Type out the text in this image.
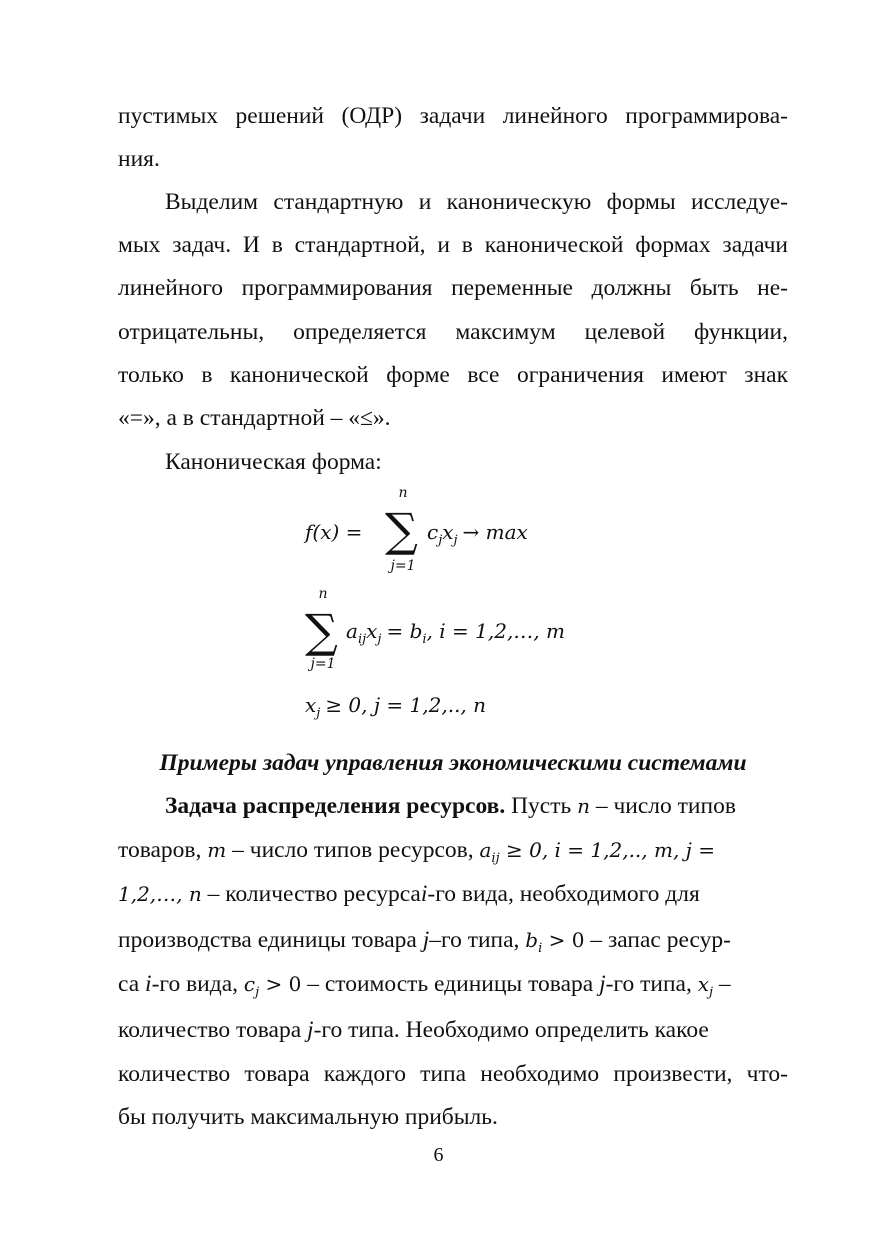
пустимых решений (ОДР) задачи линейного программирова-
ния.
Выделим стандартную и каноническую формы исследуе-
мых задач. И в стандартной, и в канонической формах задачи
линейного программирования переменные должны быть не-
отрицательны, определяется максимум целевой функции,
только в канонической форме все ограничения имеют знак
«=», а в стандартной – «≤».
Каноническая форма:
f(x) =
n
∑
j=1
$c_jx_j \to \max$
n
∑
j=1
$a_{ij}x_j = b_i$, i = 1,2,…, m
$x_j \ge 0$, j = 1,2,.., n
Примеры задач управления экономическими системами
Задача распределения ресурсов. Пусть n – число типов
товаров, m – число типов ресурсов, $a_{ij} \ge 0$, i = 1,2,.., m, j =
1,2,…, n – количество ресурсаi-го вида, необходимого для
производства единицы товара j–го типа, $b_i > 0$ – запас ресур-
са i-го вида, $c_j > 0$ – стоимость единицы товара j-го типа, $x_j$ –
количество товара j-го типа. Необходимо определить какое
количество товара каждого типа необходимо произвести, что-
бы получить максимальную прибыль.
6
